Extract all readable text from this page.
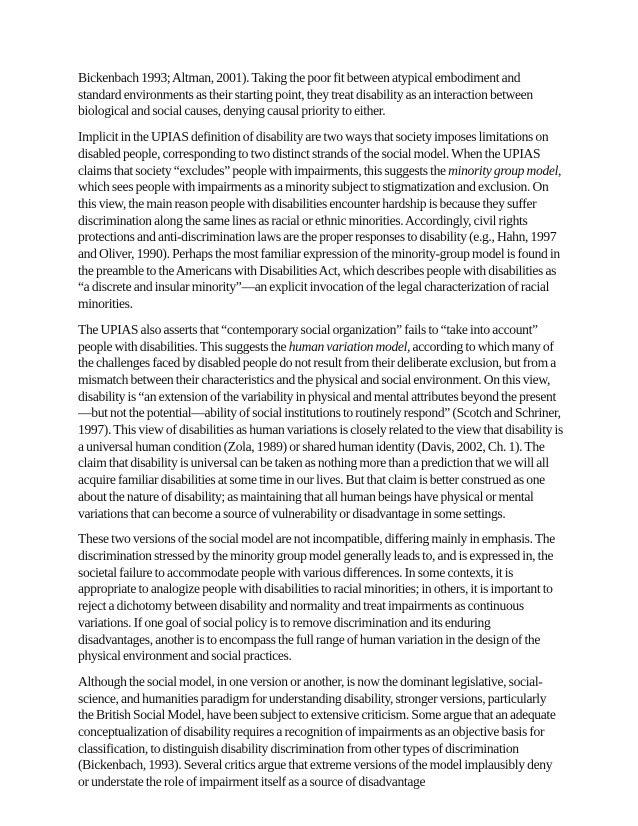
Bickenbach 1993; Altman, 2001). Taking the poor fit between atypical embodiment and standard environments as their starting point, they treat disability as an interaction between biological and social causes, denying causal priority to either.

Implicit in the UPIAS definition of disability are two ways that society imposes limitations on disabled people, corresponding to two distinct strands of the social model. When the UPIAS claims that society “excludes” people with impairments, this suggests the minority group model, which sees people with impairments as a minority subject to stigmatization and exclusion. On this view, the main reason people with disabilities encounter hardship is because they suffer discrimination along the same lines as racial or ethnic minorities. Accordingly, civil rights protections and anti-discrimination laws are the proper responses to disability (e.g., Hahn, 1997 and Oliver, 1990). Perhaps the most familiar expression of the minority-group model is found in the preamble to the Americans with Disabilities Act, which describes people with disabilities as “a discrete and insular minority”—an explicit invocation of the legal characterization of racial minorities.

The UPIAS also asserts that “contemporary social organization” fails to “take into account” people with disabilities. This suggests the human variation model, according to which many of the challenges faced by disabled people do not result from their deliberate exclusion, but from a mismatch between their characteristics and the physical and social environment. On this view, disability is “an extension of the variability in physical and mental attributes beyond the present—but not the potential—ability of social institutions to routinely respond” (Scotch and Schriner, 1997). This view of disabilities as human variations is closely related to the view that disability is a universal human condition (Zola, 1989) or shared human identity (Davis, 2002, Ch. 1). The claim that disability is universal can be taken as nothing more than a prediction that we will all acquire familiar disabilities at some time in our lives. But that claim is better construed as one about the nature of disability; as maintaining that all human beings have physical or mental variations that can become a source of vulnerability or disadvantage in some settings.

These two versions of the social model are not incompatible, differing mainly in emphasis. The discrimination stressed by the minority group model generally leads to, and is expressed in, the societal failure to accommodate people with various differences. In some contexts, it is appropriate to analogize people with disabilities to racial minorities; in others, it is important to reject a dichotomy between disability and normality and treat impairments as continuous variations. If one goal of social policy is to remove discrimination and its enduring disadvantages, another is to encompass the full range of human variation in the design of the physical environment and social practices.

Although the social model, in one version or another, is now the dominant legislative, social-science, and humanities paradigm for understanding disability, stronger versions, particularly the British Social Model, have been subject to extensive criticism. Some argue that an adequate conceptualization of disability requires a recognition of impairments as an objective basis for classification, to distinguish disability discrimination from other types of discrimination (Bickenbach, 1993). Several critics argue that extreme versions of the model implausibly deny or understate the role of impairment itself as a source of disadvantage
